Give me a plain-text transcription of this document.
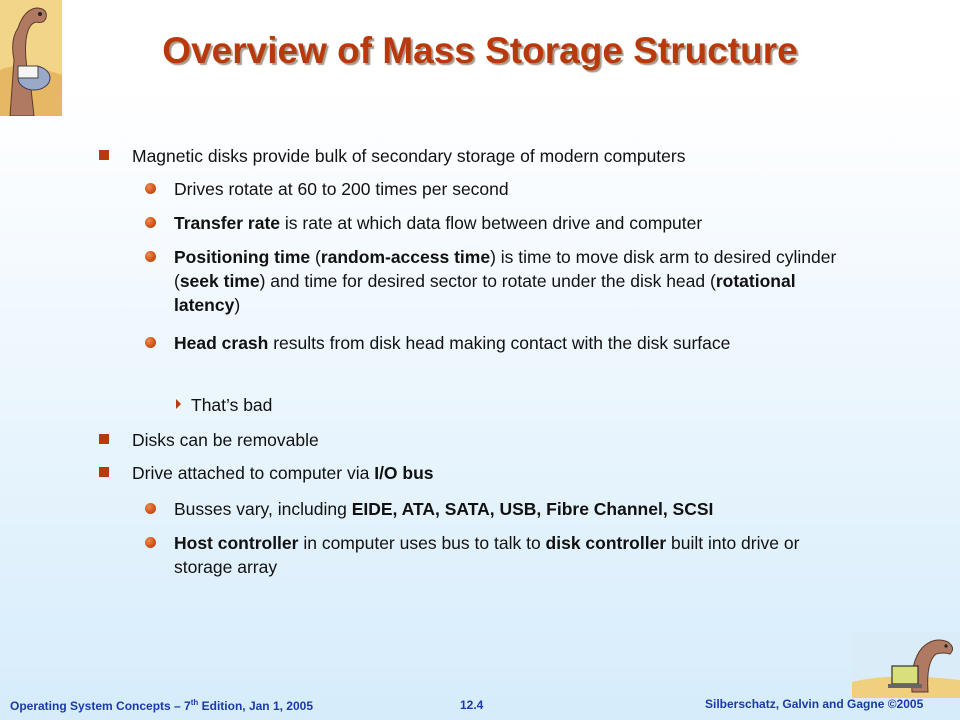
Overview of Mass Storage Structure
Magnetic disks provide bulk of secondary storage of modern computers
Drives rotate at 60 to 200 times per second
Transfer rate is rate at which data flow between drive and computer
Positioning time (random-access time) is time to move disk arm to desired cylinder (seek time) and time for desired sector to rotate under the disk head (rotational latency)
Head crash results from disk head making contact with the disk surface
That’s bad
Disks can be removable
Drive attached to computer via I/O bus
Busses vary, including EIDE, ATA, SATA, USB, Fibre Channel, SCSI
Host controller in computer uses bus to talk to disk controller built into drive or storage array
Operating System Concepts – 7th Edition, Jan 1, 2005	12.4	Silberschatz, Galvin and Gagne ©2005
